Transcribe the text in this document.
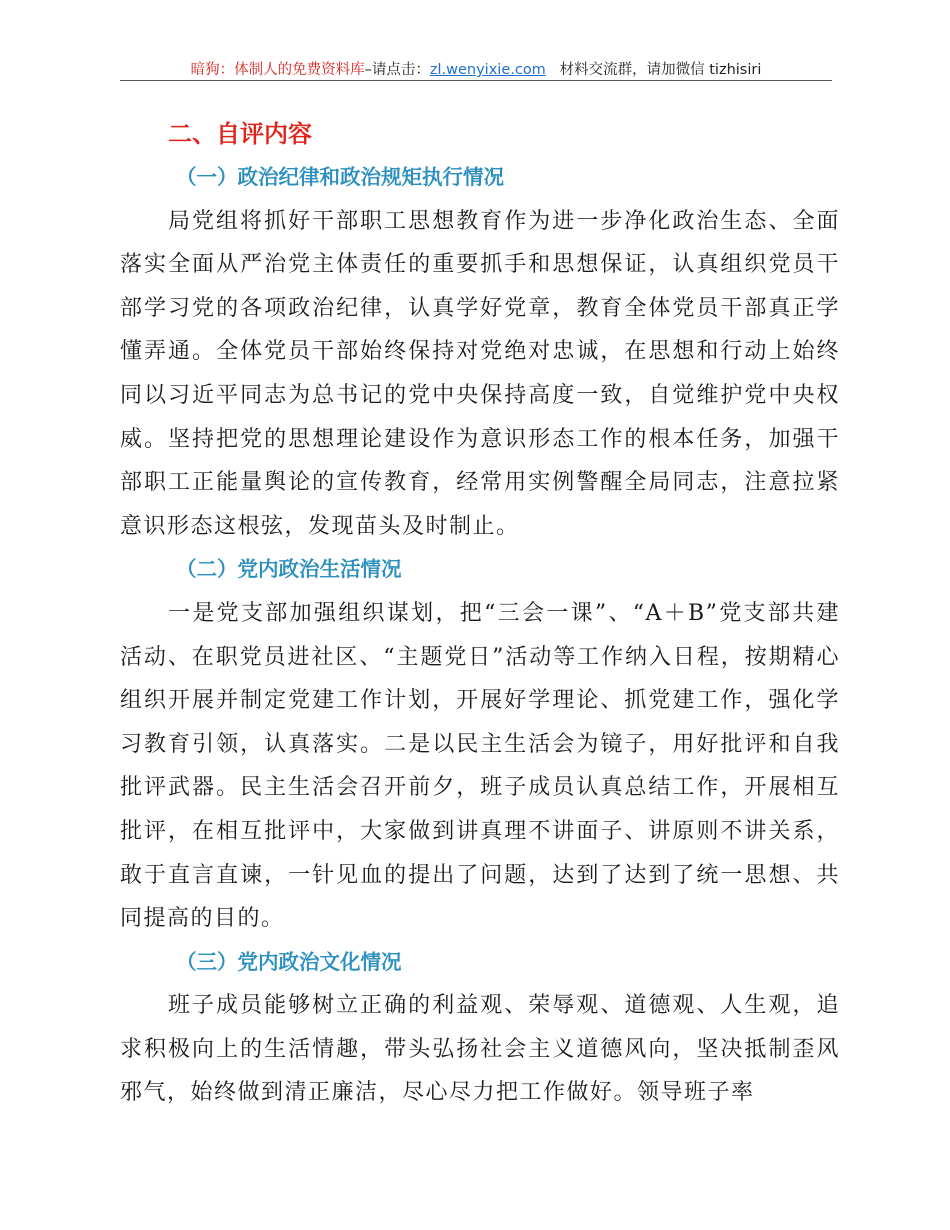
暗狗：体制人的免费资料库–请点击：zl.wenyixie.com 材料交流群，请加微信 tizhisiri
二、自评内容
（一）政治纪律和政治规矩执行情况

局党组将抓好干部职工思想教育作为进一步净化政治生态、全面落实全面从严治党主体责任的重要抓手和思想保证，认真组织党员干部学习党的各项政治纪律，认真学好党章，教育全体党员干部真正学懂弄通。全体党员干部始终保持对党绝对忠诚，在思想和行动上始终同以习近平同志为总书记的党中央保持高度一致，自觉维护党中央权威。坚持把党的思想理论建设作为意识形态工作的根本任务，加强干部职工正能量舆论的宣传教育，经常用实例警醒全局同志，注意拉紧意识形态这根弦，发现苗头及时制止。

（二）党内政治生活情况

一是党支部加强组织谋划，把“三会一课”、“A＋B”党支部共建活动、在职党员进社区、“主题党日”活动等工作纳入日程，按期精心组织开展并制定党建工作计划，开展好学理论、抓党建工作，强化学习教育引领，认真落实。二是以民主生活会为镜子，用好批评和自我批评武器。民主生活会召开前夕，班子成员认真总结工作，开展相互批评，在相互批评中，大家做到讲真理不讲面子、讲原则不讲关系，敢于直言直谏，一针见血的提出了问题，达到了达到了统一思想、共同提高的目的。

（三）党内政治文化情况

班子成员能够树立正确的利益观、荣辱观、道德观、人生观，追求积极向上的生活情趣，带头弘扬社会主义道德风向，坚决抵制歪风邪气，始终做到清正廉洁，尽心尽力把工作做好。领导班子率
